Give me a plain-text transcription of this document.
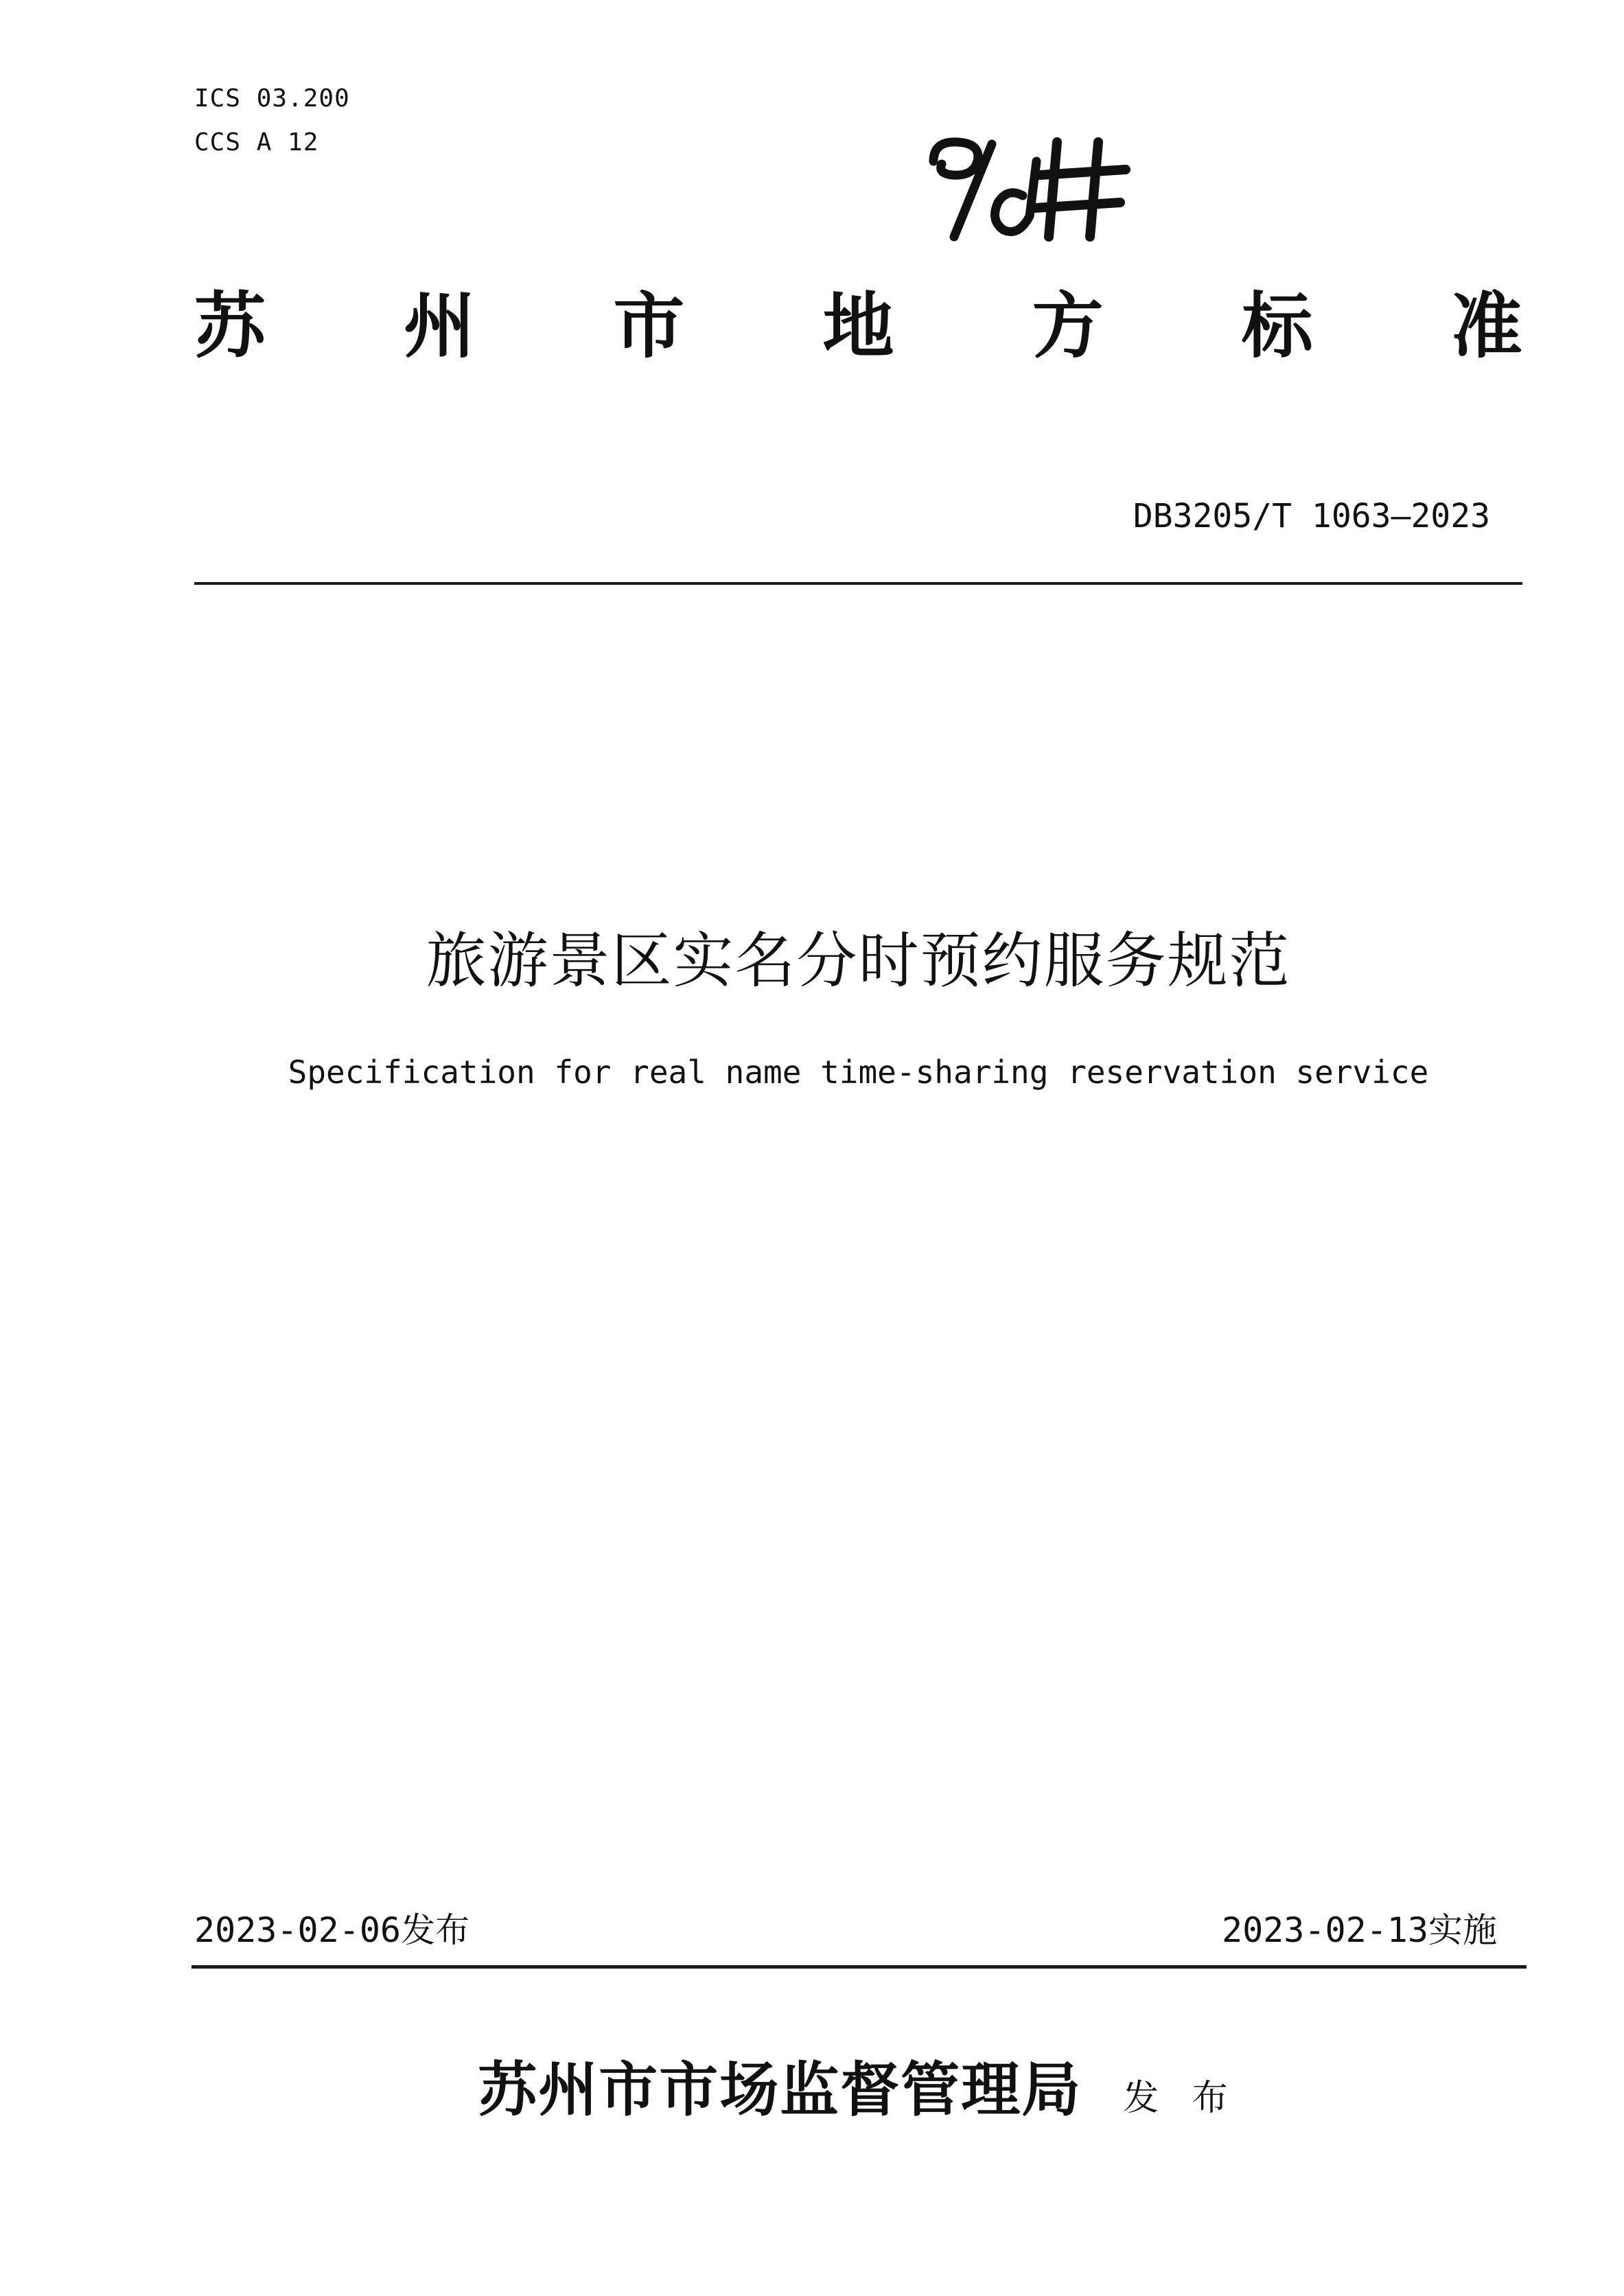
ICS 03.200
CCS A 12
苏 州 市 地 方 标 准
DB3205/T 1063—2023
旅游景区实名分时预约服务规范
Specification for real name time-sharing reservation service
2023-02-06发布	2023-02-13实施
苏州市市场监督管理局 发 布
